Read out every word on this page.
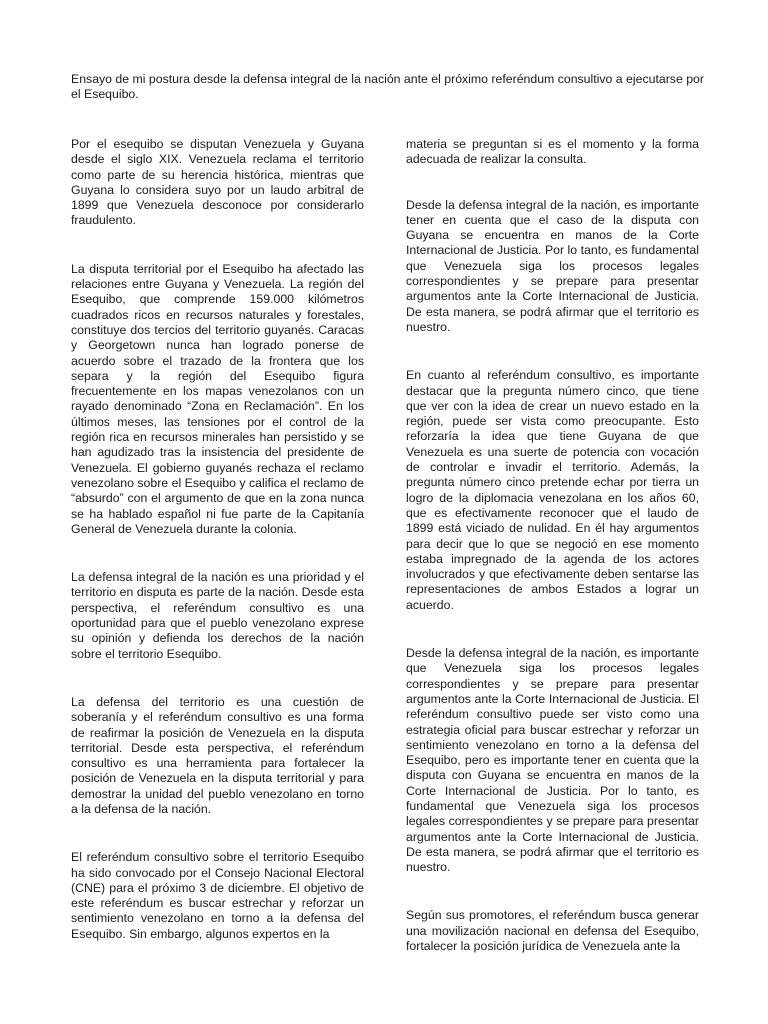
Ensayo de mi postura desde la defensa integral de la nación ante el próximo referéndum consultivo a ejecutarse por el Esequibo.

Por el esequibo se disputan Venezuela y Guyana desde el siglo XIX. Venezuela reclama el territorio como parte de su herencia histórica, mientras que Guyana lo considera suyo por un laudo arbitral de 1899 que Venezuela desconoce por considerarlo fraudulento.

La disputa territorial por el Esequibo ha afectado las relaciones entre Guyana y Venezuela. La región del Esequibo, que comprende 159.000 kilómetros cuadrados ricos en recursos naturales y forestales, constituye dos tercios del territorio guyanés. Caracas y Georgetown nunca han logrado ponerse de acuerdo sobre el trazado de la frontera que los separa y la región del Esequibo figura frecuentemente en los mapas venezolanos con un rayado denominado “Zona en Reclamación”. En los últimos meses, las tensiones por el control de la región rica en recursos minerales han persistido y se han agudizado tras la insistencia del presidente de Venezuela. El gobierno guyanés rechaza el reclamo venezolano sobre el Esequibo y califica el reclamo de “absurdo” con el argumento de que en la zona nunca se ha hablado español ni fue parte de la Capitanía General de Venezuela durante la colonia.

La defensa integral de la nación es una prioridad y el territorio en disputa es parte de la nación. Desde esta perspectiva, el referéndum consultivo es una oportunidad para que el pueblo venezolano exprese su opinión y defienda los derechos de la nación sobre el territorio Esequibo.

La defensa del territorio es una cuestión de soberanía y el referéndum consultivo es una forma de reafirmar la posición de Venezuela en la disputa territorial. Desde esta perspectiva, el referéndum consultivo es una herramienta para fortalecer la posición de Venezuela en la disputa territorial y para demostrar la unidad del pueblo venezolano en torno a la defensa de la nación.

El referéndum consultivo sobre el territorio Esequibo ha sido convocado por el Consejo Nacional Electoral (CNE) para el próximo 3 de diciembre. El objetivo de este referéndum es buscar estrechar y reforzar un sentimiento venezolano en torno a la defensa del Esequibo. Sin embargo, algunos expertos en la

materia se preguntan si es el momento y la forma adecuada de realizar la consulta.

Desde la defensa integral de la nación, es importante tener en cuenta que el caso de la disputa con Guyana se encuentra en manos de la Corte Internacional de Justicia. Por lo tanto, es fundamental que Venezuela siga los procesos legales correspondientes y se prepare para presentar argumentos ante la Corte Internacional de Justicia. De esta manera, se podrá afirmar que el territorio es nuestro.

En cuanto al referéndum consultivo, es importante destacar que la pregunta número cinco, que tiene que ver con la idea de crear un nuevo estado en la región, puede ser vista como preocupante. Esto reforzaría la idea que tiene Guyana de que Venezuela es una suerte de potencia con vocación de controlar e invadir el territorio. Además, la pregunta número cinco pretende echar por tierra un logro de la diplomacia venezolana en los años 60, que es efectivamente reconocer que el laudo de 1899 está viciado de nulidad. En él hay argumentos para decir que lo que se negoció en ese momento estaba impregnado de la agenda de los actores involucrados y que efectivamente deben sentarse las representaciones de ambos Estados a lograr un acuerdo.

Desde la defensa integral de la nación, es importante que Venezuela siga los procesos legales correspondientes y se prepare para presentar argumentos ante la Corte Internacional de Justicia. El referéndum consultivo puede ser visto como una estrategia oficial para buscar estrechar y reforzar un sentimiento venezolano en torno a la defensa del Esequibo, pero es importante tener en cuenta que la disputa con Guyana se encuentra en manos de la Corte Internacional de Justicia. Por lo tanto, es fundamental que Venezuela siga los procesos legales correspondientes y se prepare para presentar argumentos ante la Corte Internacional de Justicia. De esta manera, se podrá afirmar que el territorio es nuestro.

Según sus promotores, el referéndum busca generar una movilización nacional en defensa del Esequibo, fortalecer la posición jurídica de Venezuela ante la
